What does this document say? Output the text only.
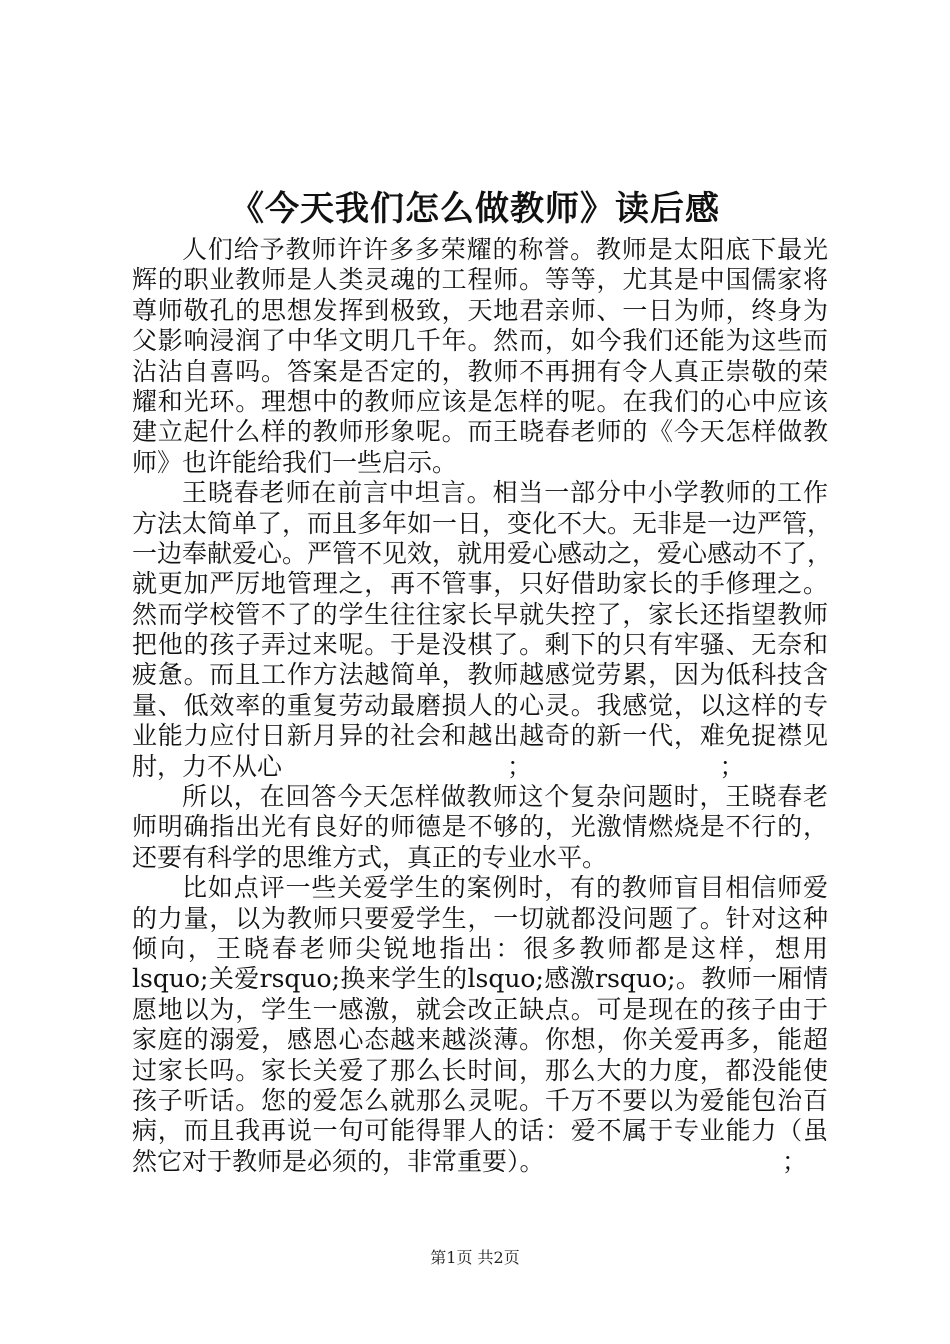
《今天我们怎么做教师》读后感
人们给予教师许许多多荣耀的称誉。教师是太阳底下最光
辉的职业教师是人类灵魂的工程师。等等，尤其是中国儒家将
尊师敬孔的思想发挥到极致，天地君亲师、一日为师，终身为
父影响浸润了中华文明几千年。然而，如今我们还能为这些而
沾沾自喜吗。答案是否定的，教师不再拥有令人真正崇敬的荣
耀和光环。理想中的教师应该是怎样的呢。在我们的心中应该
建立起什么样的教师形象呢。而王晓春老师的《今天怎样做教
师》也许能给我们一些启示。
王晓春老师在前言中坦言。相当一部分中小学教师的工作
方法太简单了，而且多年如一日，变化不大。无非是一边严管，
一边奉献爱心。严管不见效，就用爱心感动之，爱心感动不了，
就更加严厉地管理之，再不管事，只好借助家长的手修理之。
然而学校管不了的学生往往家长早就失控了，家长还指望教师
把他的孩子弄过来呢。于是没棋了。剩下的只有牢骚、无奈和
疲惫。而且工作方法越简单，教师越感觉劳累，因为低科技含
量、低效率的重复劳动最磨损人的心灵。我感觉，以这样的专
业能力应付日新月异的社会和越出越奇的新一代，难免捉襟见
肘，力不从心　　　　　　　　　；　　　　　　　　；
所以，在回答今天怎样做教师这个复杂问题时，王晓春老
师明确指出光有良好的师德是不够的，光激情燃烧是不行的，
还要有科学的思维方式，真正的专业水平。
比如点评一些关爱学生的案例时，有的教师盲目相信师爱
的力量，以为教师只要爱学生，一切就都没问题了。针对这种
倾向，王晓春老师尖锐地指出：很多教师都是这样，想用
lsquo;关爱rsquo;换来学生的lsquo;感激rsquo;。教师一厢情
愿地以为，学生一感激，就会改正缺点。可是现在的孩子由于
家庭的溺爱，感恩心态越来越淡薄。你想，你关爱再多，能超
过家长吗。家长关爱了那么长时间，那么大的力度，都没能使
孩子听话。您的爱怎么就那么灵呢。千万不要以为爱能包治百
病，而且我再说一句可能得罪人的话：爱不属于专业能力（虽
然它对于教师是必须的，非常重要）。　　　　　　　　　　；
第1页 共2页
